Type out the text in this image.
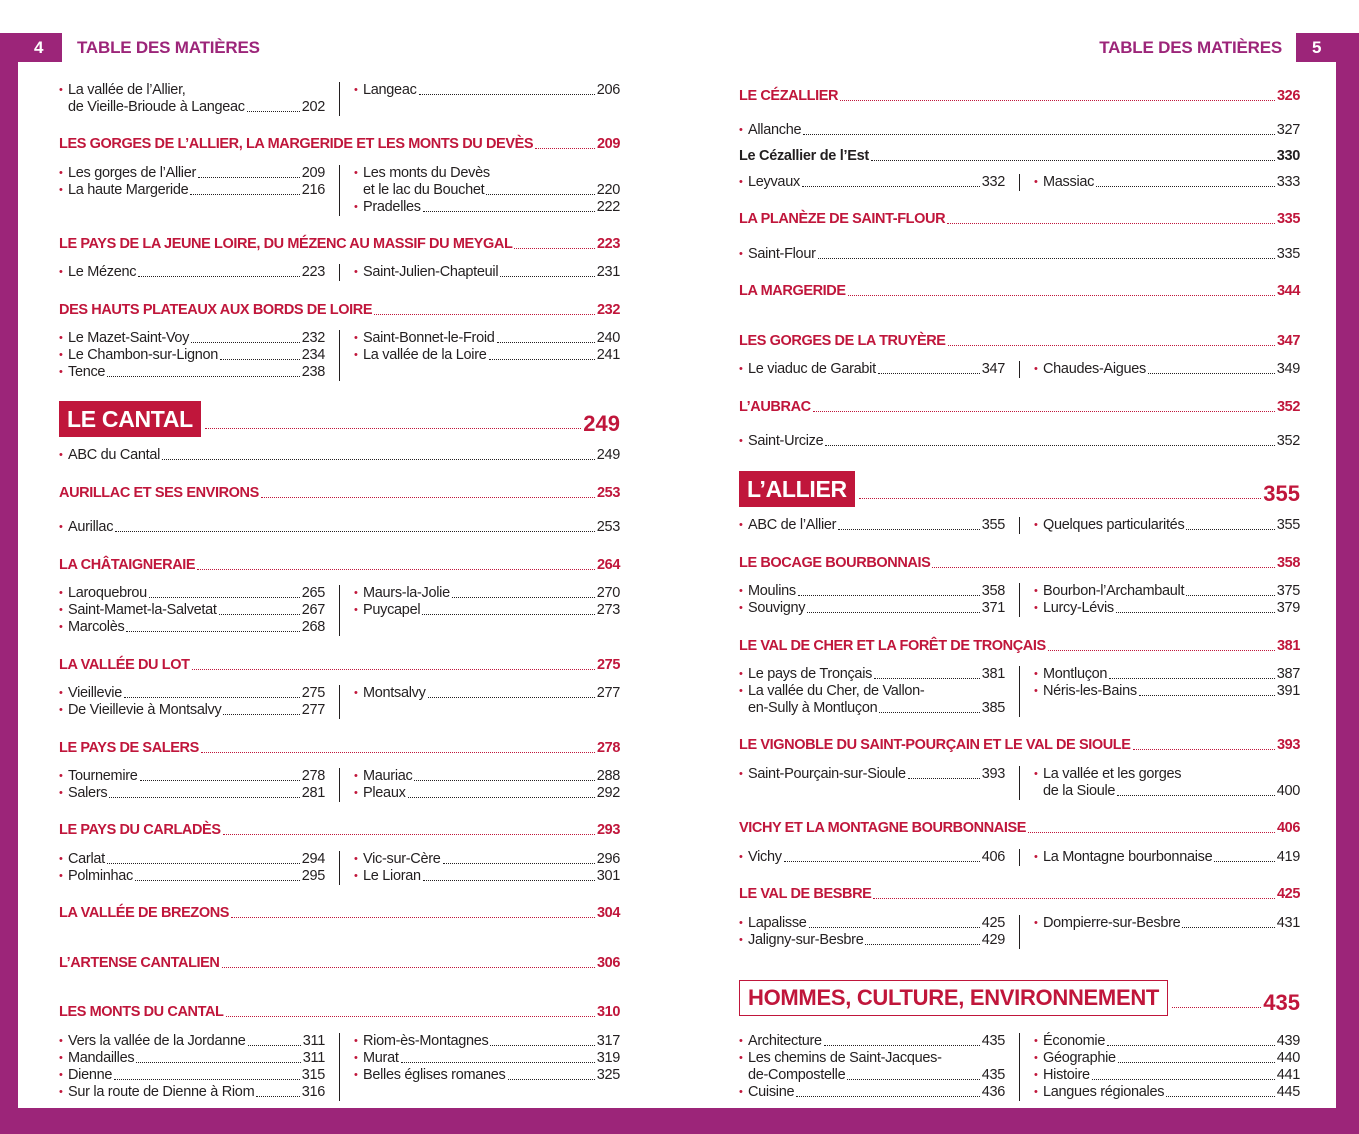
4	5
TABLE DES MATIÈRES	TABLE DES MATIÈRES
• La vallée de l’Allier,
de Vieille-Brioude à Langeac	202
• Langeac	206
LES GORGES DE L’ALLIER, LA MARGERIDE ET LES MONTS DU DEVÈS	209
• Les gorges de l’Allier	209
• La haute Margeride	216
• Les monts du Devès
et le lac du Bouchet	220
• Pradelles	222
LE PAYS DE LA JEUNE LOIRE, DU MÉZENC AU MASSIF DU MEYGAL	223
• Le Mézenc	223	• Saint-Julien-Chapteuil	231
DES HAUTS PLATEAUX AUX BORDS DE LOIRE	232
• Le Mazet-Saint-Voy	232
• Le Chambon-sur-Lignon	234
• Tence	238
• Saint-Bonnet-le-Froid	240
• La vallée de la Loire	241
LE CANTAL	249
• ABC du Cantal	249
AURILLAC ET SES ENVIRONS	253
• Aurillac	253
LA CHÂTAIGNERAIE	264
• Laroquebrou	265
• Saint-Mamet-la-Salvetat	267
• Marcolès	268
• Maurs-la-Jolie	270
• Puycapel	273
LA VALLÉE DU LOT	275
• Vieillevie	275
• De Vieillevie à Montsalvy	277
• Montsalvy	277
LE PAYS DE SALERS	278
• Tournemire	278
• Salers	281
• Mauriac	288
• Pleaux	292
LE PAYS DU CARLADÈS	293
• Carlat	294
• Polminhac	295
• Vic-sur-Cère	296
• Le Lioran	301
LA VALLÉE DE BREZONS	304
L’ARTENSE CANTALIEN	306
LES MONTS DU CANTAL	310
• Vers la vallée de la Jordanne	311
• Mandailles	311
• Dienne	315
• Sur la route de Dienne à Riom	316
• Riom-ès-Montagnes	317
• Murat	319
• Belles églises romanes	325
LE CÉZALLIER	326
• Allanche	327
Le Cézallier de l’Est	330
• Leyvaux	332	• Massiac	333
LA PLANÈZE DE SAINT-FLOUR	335
• Saint-Flour	335
LA MARGERIDE	344
LES GORGES DE LA TRUYÈRE	347
• Le viaduc de Garabit	347	• Chaudes-Aigues	349
L’AUBRAC	352
• Saint-Urcize	352
L’ALLIER	355
• ABC de l’Allier	355	• Quelques particularités	355
LE BOCAGE BOURBONNAIS	358
• Moulins	358
• Souvigny	371
• Bourbon-l’Archambault	375
• Lurcy-Lévis	379
LE VAL DE CHER ET LA FORÊT DE TRONÇAIS	381
• Le pays de Tronçais	381
• La vallée du Cher, de Vallon-
en-Sully à Montluçon	385
• Montluçon	387
• Néris-les-Bains	391
LE VIGNOBLE DU SAINT-POURÇAIN ET LE VAL DE SIOULE	393
• Saint-Pourçain-sur-Sioule	393	• La vallée et les gorges
de la Sioule	400
VICHY ET LA MONTAGNE BOURBONNAISE	406
• Vichy	406	• La Montagne bourbonnaise	419
LE VAL DE BESBRE	425
• Lapalisse	425
• Jaligny-sur-Besbre	429
• Dompierre-sur-Besbre	431
HOMMES, CULTURE, ENVIRONNEMENT	435
• Architecture	435
• Les chemins de Saint-Jacques-
de-Compostelle	435
• Cuisine	436
• Économie	439
• Géographie	440
• Histoire	441
• Langues régionales	445
